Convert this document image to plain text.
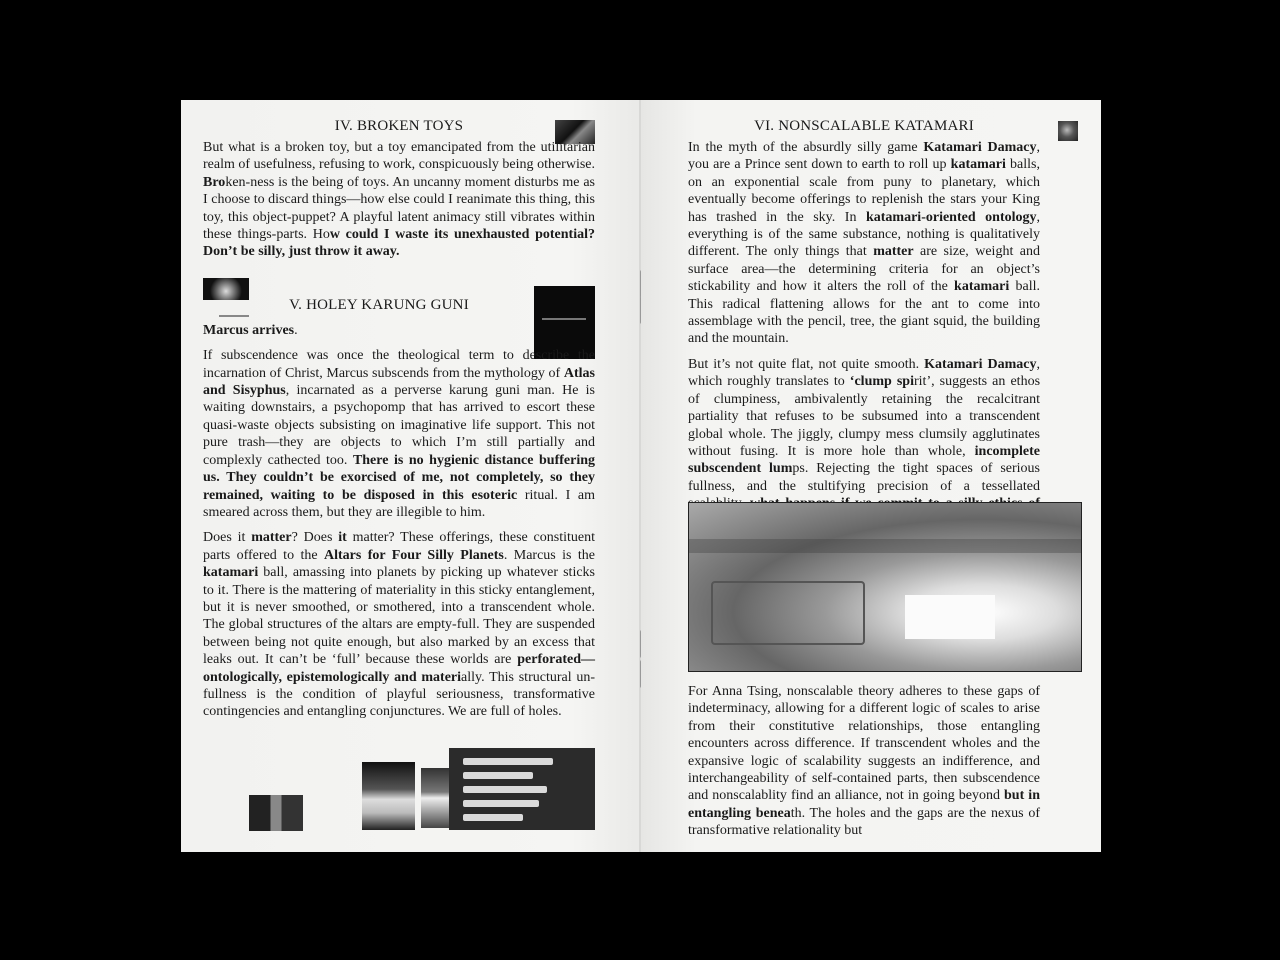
IV. BROKEN TOYS

But what is a broken toy, but a toy emancipated from the utilitarian realm of usefulness, refusing to work, conspicuously being otherwise. Broken-ness is the being of toys. An uncanny moment disturbs me as I choose to discard things—how else could I reanimate this thing, this toy, this object-puppet? A playful latent animacy still vibrates within these things-parts. How could I waste its unexhausted potential? Don’t be silly, just throw it away.

V. HOLEY KARUNG GUNI

Marcus arrives.

If subscendence was once the theological term to describe the incarnation of Christ, Marcus subscends from the mythology of Atlas and Sisyphus, incarnated as a perverse karung guni man. He is waiting downstairs, a psychopomp that has arrived to escort these quasi-waste objects subsisting on imaginative life support. This not pure trash—they are objects to which I’m still partially and complexly cathected too. There is no hygienic distance buffering us. They couldn’t be exorcised of me, not completely, so they remained, waiting to be disposed in this esoteric ritual. I am smeared across them, but they are illegible to him.

Does it matter? Does it matter? These offerings, these constituent parts offered to the Altars for Four Silly Planets. Marcus is the katamari ball, amassing into planets by picking up whatever sticks to it. There is the mattering of materiality in this sticky entanglement, but it is never smoothed, or smothered, into a transcendent whole. The global structures of the altars are empty-full. They are suspended between being not quite enough, but also marked by an excess that leaks out. It can’t be ‘full’ because these worlds are perforated—ontologically, epistemologically and materially. This structural un-fullness is the condition of playful seriousness, transformative contingencies and entangling conjunctures. We are full of holes.

VI. NONSCALABLE KATAMARI

In the myth of the absurdly silly game Katamari Damacy, you are a Prince sent down to earth to roll up katamari balls, on an exponential scale from puny to planetary, which eventually become offerings to replenish the stars your King has trashed in the sky. In katamari-oriented ontology, everything is of the same substance, nothing is qualitatively different. The only things that matter are size, weight and surface area—the determining criteria for an object’s stickability and how it alters the roll of the katamari ball. This radical flattening allows for the ant to come into assemblage with the pencil, tree, the giant squid, the building and the mountain.

But it’s not quite flat, not quite smooth. Katamari Damacy, which roughly translates to ‘clump spirit’, suggests an ethos of clumpiness, ambivalently retaining the recalcitrant partiality that refuses to be subsumed into a transcendent global whole. The jiggly, clumpy mess clumsily agglutinates without fusing. It is more hole than whole, incomplete subscendent lumps. Rejecting the tight spaces of serious fullness, and the stultifying precision of a tessellated

For Anna Tsing, nonscalable theory adheres to these gaps of indeterminacy, allowing for a different logic of scales to arise from their constitutive relationships, those entangling encounters across difference. If transcendent wholes and the expansive logic of scalability suggests an indifference, and interchangeability of self-contained parts, then subscendence and nonscalablity find an alliance, not in going beyond but in entangling beneath. The holes and the gaps are the nexus of transformative relationality but
